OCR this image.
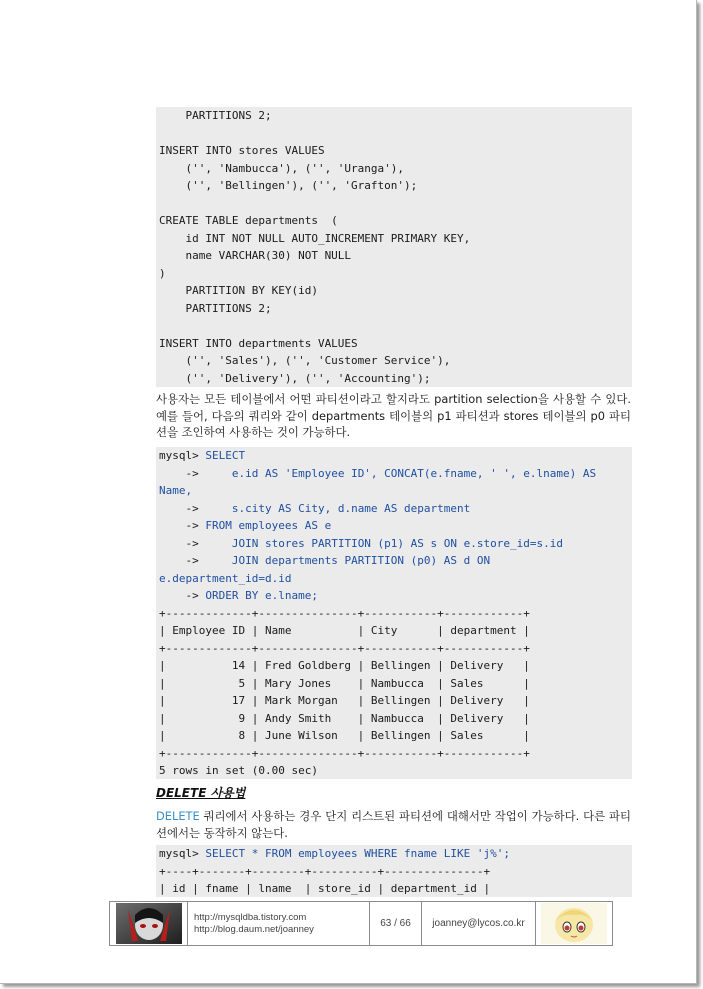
PARTITIONS 2;
INSERT INTO stores VALUES
('', 'Nambucca'), ('', 'Uranga'),
('', 'Bellingen'), ('', 'Grafton');
CREATE TABLE departments  (
id INT NOT NULL AUTO_INCREMENT PRIMARY KEY,
name VARCHAR(30) NOT NULL
)
PARTITION BY KEY(id)
PARTITIONS 2;
INSERT INTO departments VALUES
('', 'Sales'), ('', 'Customer Service'),
('', 'Delivery'), ('', 'Accounting');
사용자는 모든 테이블에서 어떤 파티션이라고 할지라도 partition selection을 사용할 수 있다. 예를 들어, 다음의 쿼리와 같이 departments 테이블의 p1 파티션과 stores 테이블의 p0 파티션을 조인하여 사용하는 것이 가능하다.
mysql> SELECT
->     e.id AS 'Employee ID', CONCAT(e.fname, ' ', e.lname) AS
Name,
->     s.city AS City, d.name AS department
-> FROM employees AS e
->     JOIN stores PARTITION (p1) AS s ON e.store_id=s.id
->     JOIN departments PARTITION (p0) AS d ON
e.department_id=d.id
-> ORDER BY e.lname;
+-------------+---------------+-----------+------------+
| Employee ID | Name          | City      | department |
+-------------+---------------+-----------+------------+
|          14 | Fred Goldberg | Bellingen | Delivery   |
|           5 | Mary Jones    | Nambucca  | Sales      |
|          17 | Mark Morgan   | Bellingen | Delivery   |
|           9 | Andy Smith    | Nambucca  | Delivery   |
|           8 | June Wilson   | Bellingen | Sales      |
+-------------+---------------+-----------+------------+
5 rows in set (0.00 sec)
DELETE 사용법
DELETE 쿼리에서 사용하는 경우 단지 리스트된 파티션에 대해서만 작업이 가능하다. 다른 파티션에서는 동작하지 않는다.
mysql> SELECT * FROM employees WHERE fname LIKE 'j%';
+----+-------+--------+----------+---------------+
| id | fname | lname  | store_id | department_id |
http://mysqldba.tistory.com
http://blog.daum.net/joanney	63 / 66	joanney@lycos.co.kr
